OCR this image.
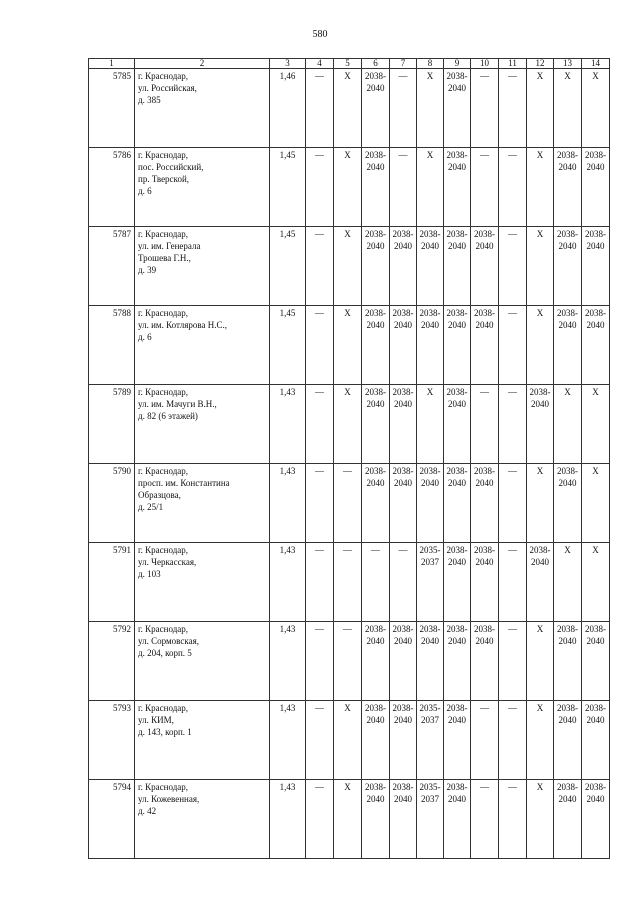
580
1	2	3	4	5	6	7	8	9	10	11	12	13	14
5785	г. Краснодар,
ул. Российская,
д. 385	1,46	—	Х	2038-2040	—	Х	2038-2040	—	—	Х	Х	Х
5786	г. Краснодар,
пос. Российский,
пр. Тверской,
д. 6	1,45	—	Х	2038-2040	—	Х	2038-2040	—	—	Х	2038-2040	2038-2040
5787	г. Краснодар,
ул. им. Генерала
Трошева Г.Н.,
д. 39	1,45	—	Х	2038-2040	2038-2040	2038-2040	2038-2040	2038-2040	—	Х	2038-2040	2038-2040
5788	г. Краснодар,
ул. им. Котлярова Н.С.,
д. 6	1,45	—	Х	2038-2040	2038-2040	2038-2040	2038-2040	2038-2040	—	Х	2038-2040	2038-2040
5789	г. Краснодар,
ул. им. Мачуги В.Н.,
д. 82 (6 этажей)	1,43	—	Х	2038-2040	2038-2040	Х	2038-2040	—	—	2038-2040	Х	Х
5790	г. Краснодар,
просп. им. Константина
Образцова,
д. 25/1	1,43	—	—	2038-2040	2038-2040	2038-2040	2038-2040	2038-2040	—	Х	2038-2040	Х
5791	г. Краснодар,
ул. Черкасская,
д. 103	1,43	—	—	—	—	2035-2037	2038-2040	2038-2040	—	2038-2040	Х	Х
5792	г. Краснодар,
ул. Сормовская,
д. 204, корп. 5	1,43	—	—	2038-2040	2038-2040	2038-2040	2038-2040	2038-2040	—	Х	2038-2040	2038-2040
5793	г. Краснодар,
ул. КИМ,
д. 143, корп. 1	1,43	—	Х	2038-2040	2038-2040	2035-2037	2038-2040	—	—	Х	2038-2040	2038-2040
5794	г. Краснодар,
ул. Кожевенная,
д. 42	1,43	—	Х	2038-2040	2038-2040	2035-2037	2038-2040	—	—	Х	2038-2040	2038-2040
